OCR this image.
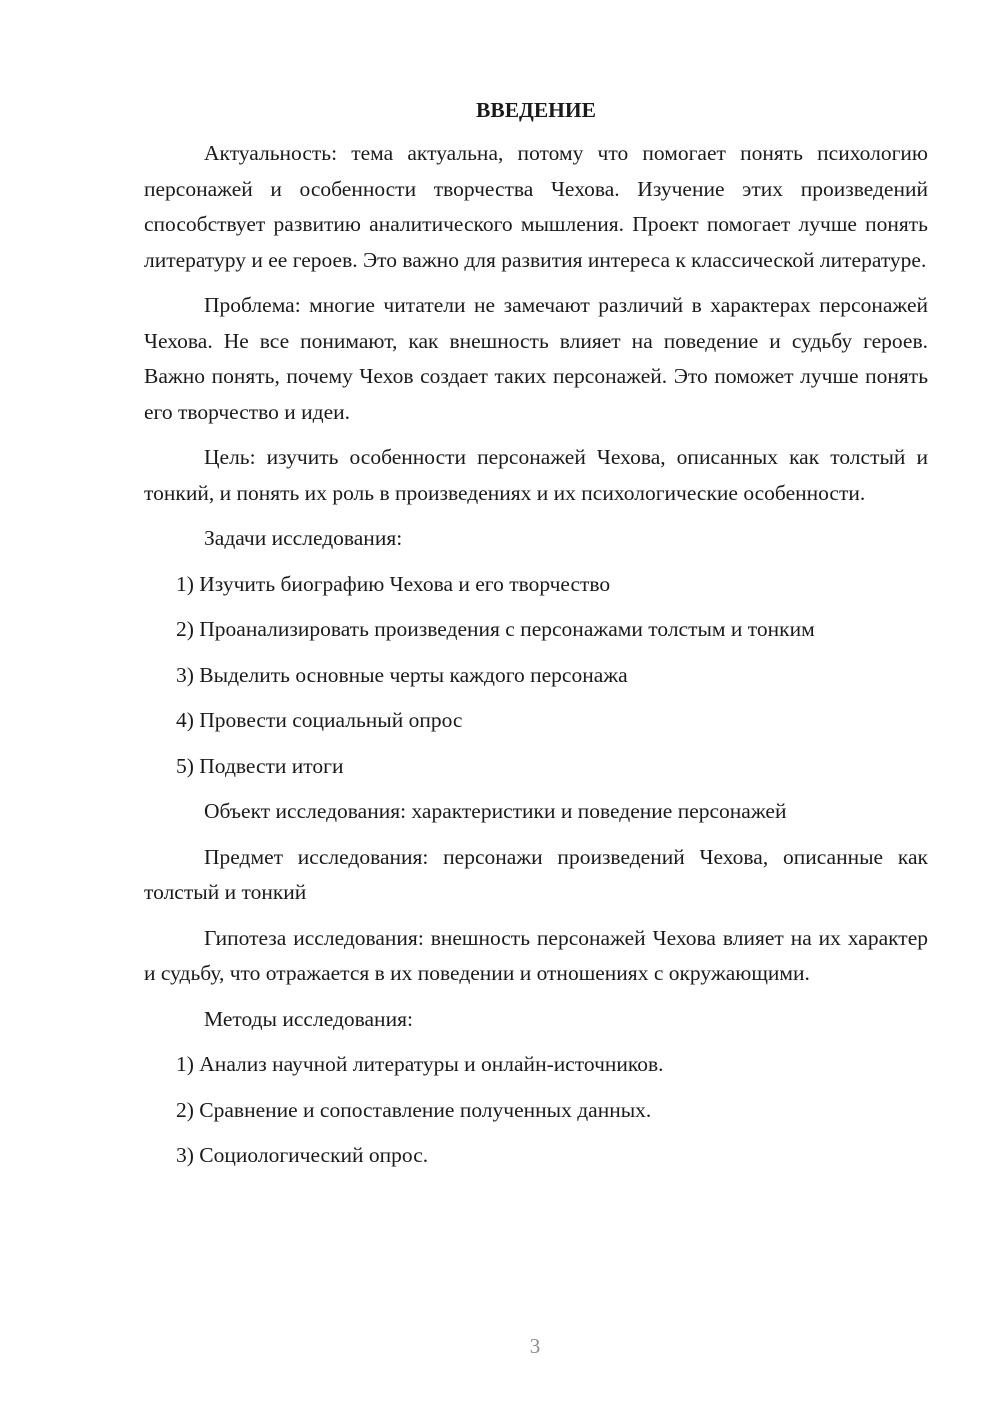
ВВЕДЕНИЕ

Актуальность: тема актуальна, потому что помогает понять психологию персонажей и особенности творчества Чехова. Изучение этих произведений способствует развитию аналитического мышления. Проект помогает лучше понять литературу и ее героев. Это важно для развития интереса к классической литературе.

Проблема: многие читатели не замечают различий в характерах персонажей Чехова. Не все понимают, как внешность влияет на поведение и судьбу героев. Важно понять, почему Чехов создает таких персонажей. Это поможет лучше понять его творчество и идеи.

Цель: изучить особенности персонажей Чехова, описанных как толстый и тонкий, и понять их роль в произведениях и их психологические особенности.

Задачи исследования:

1) Изучить биографию Чехова и его творчество

2) Проанализировать произведения с персонажами толстым и тонким

3) Выделить основные черты каждого персонажа

4) Провести социальный опрос

5) Подвести итоги

Объект исследования: характеристики и поведение персонажей

Предмет исследования: персонажи произведений Чехова, описанные как толстый и тонкий

Гипотеза исследования: внешность персонажей Чехова влияет на их характер и судьбу, что отражается в их поведении и отношениях с окружающими.

Методы исследования:

1) Анализ научной литературы и онлайн-источников.

2) Сравнение и сопоставление полученных данных.

3) Социологический опрос.

3
